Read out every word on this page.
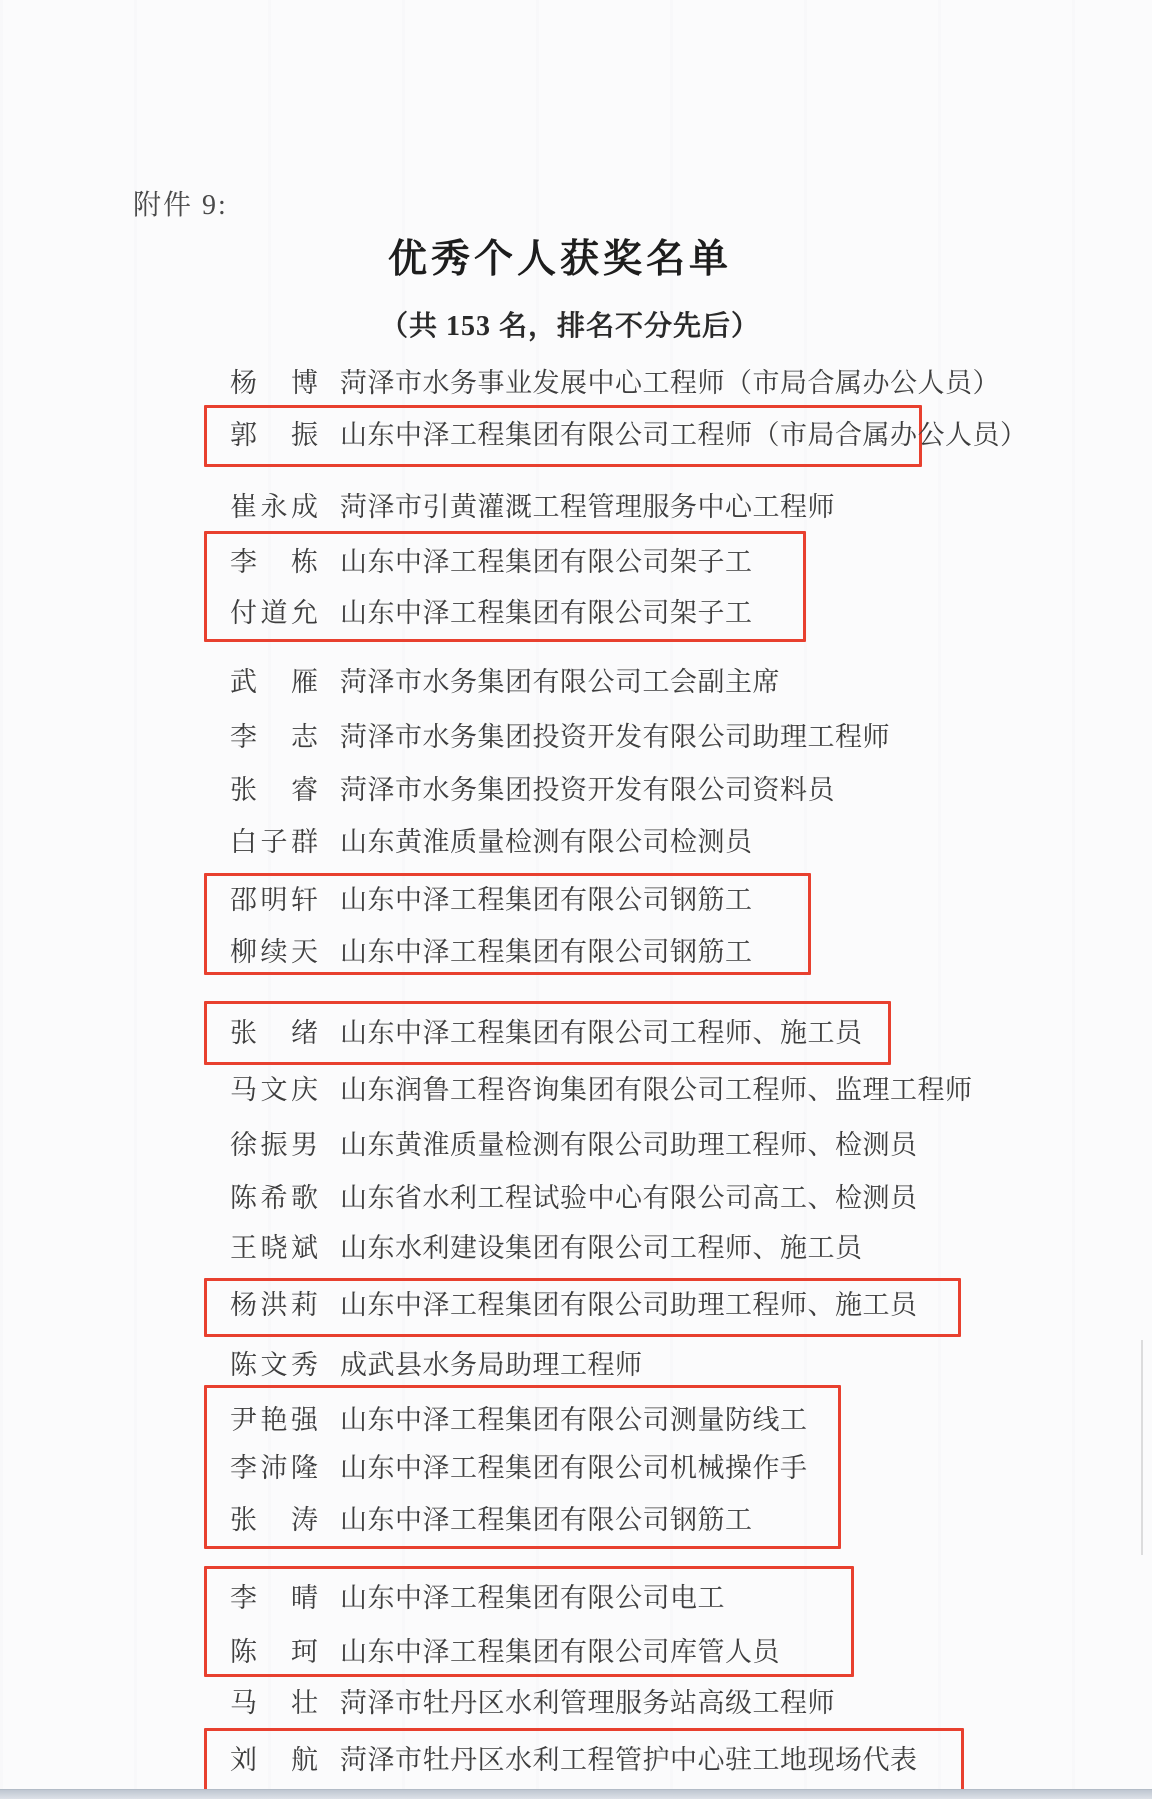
附件 9:
优秀个人获奖名单
（共 153 名，排名不分先后）
杨　博 菏泽市水务事业发展中心工程师（市局合属办公人员）
郭　振 山东中泽工程集团有限公司工程师（市局合属办公人员）
崔永成 菏泽市引黄灌溉工程管理服务中心工程师
李　栋 山东中泽工程集团有限公司架子工
付道允 山东中泽工程集团有限公司架子工
武　雁 菏泽市水务集团有限公司工会副主席
李　志 菏泽市水务集团投资开发有限公司助理工程师
张　睿 菏泽市水务集团投资开发有限公司资料员
白子群 山东黄淮质量检测有限公司检测员
邵明轩 山东中泽工程集团有限公司钢筋工
柳续天 山东中泽工程集团有限公司钢筋工
张　绪 山东中泽工程集团有限公司工程师、施工员
马文庆 山东润鲁工程咨询集团有限公司工程师、监理工程师
徐振男 山东黄淮质量检测有限公司助理工程师、检测员
陈希歌 山东省水利工程试验中心有限公司高工、检测员
王晓斌 山东水利建设集团有限公司工程师、施工员
杨洪莉 山东中泽工程集团有限公司助理工程师、施工员
陈文秀 成武县水务局助理工程师
尹艳强 山东中泽工程集团有限公司测量防线工
李沛隆 山东中泽工程集团有限公司机械操作手
张　涛 山东中泽工程集团有限公司钢筋工
李　晴 山东中泽工程集团有限公司电工
陈　珂 山东中泽工程集团有限公司库管人员
马　壮 菏泽市牡丹区水利管理服务站高级工程师
刘　航 菏泽市牡丹区水利工程管护中心驻工地现场代表
